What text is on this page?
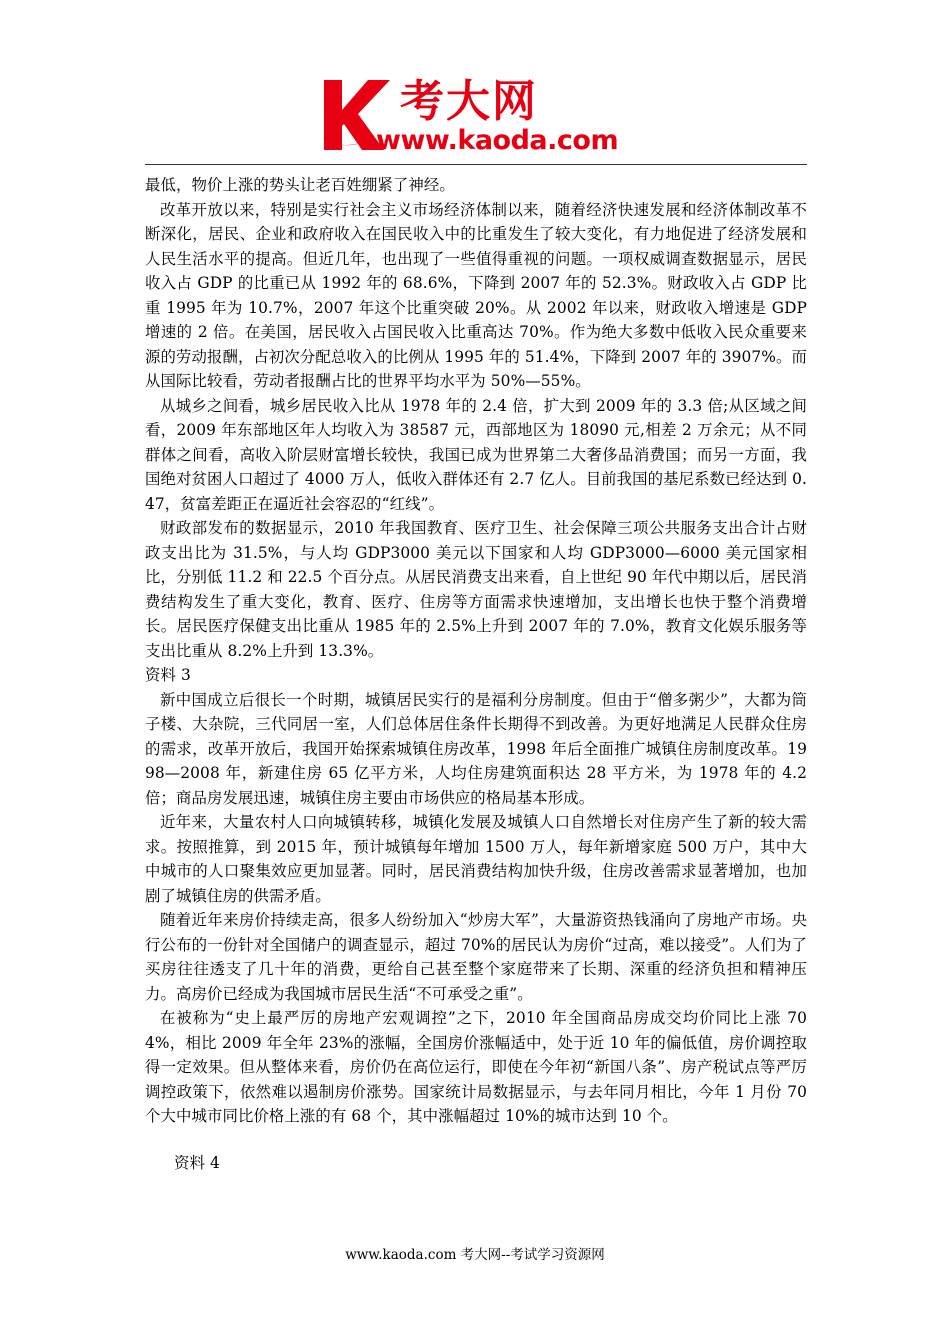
考大网
www.kaoda.com

最低，物价上涨的势头让老百姓绷紧了神经。

改革开放以来，特别是实行社会主义市场经济体制以来，随着经济快速发展和经济体制改革不断深化，居民、企业和政府收入在国民收入中的比重发生了较大变化，有力地促进了经济发展和人民生活水平的提高。但近几年，也出现了一些值得重视的问题。一项权威调查数据显示，居民收入占 GDP 的比重已从 1992 年的 68.6%，下降到 2007 年的 52.3%。财政收入占 GDP 比重 1995 年为 10.7%，2007 年这个比重突破 20%。从 2002 年以来，财政收入增速是 GDP 增速的 2 倍。在美国，居民收入占国民收入比重高达 70%。作为绝大多数中低收入民众重要来源的劳动报酬，占初次分配总收入的比例从 1995 年的 51.4%，下降到 2007 年的 3907%。而从国际比较看，劳动者报酬占比的世界平均水平为 50%—55%。

从城乡之间看，城乡居民收入比从 1978 年的 2.4 倍，扩大到 2009 年的 3.3 倍;从区域之间看，2009 年东部地区年人均收入为 38587 元，西部地区为 18090 元,相差 2 万余元；从不同群体之间看，高收入阶层财富增长较快，我国已成为世界第二大奢侈品消费国；而另一方面，我国绝对贫困人口超过了 4000 万人，低收入群体还有 2.7 亿人。目前我国的基尼系数已经达到 0.47，贫富差距正在逼近社会容忍的“红线”。

财政部发布的数据显示，2010 年我国教育、医疗卫生、社会保障三项公共服务支出合计占财政支出比为 31.5%，与人均 GDP3000 美元以下国家和人均 GDP3000—6000 美元国家相比，分别低 11.2 和 22.5 个百分点。从居民消费支出来看，自上世纪 90 年代中期以后，居民消费结构发生了重大变化，教育、医疗、住房等方面需求快速增加，支出增长也快于整个消费增长。居民医疗保健支出比重从 1985 年的 2.5%上升到 2007 年的 7.0%，教育文化娱乐服务等支出比重从 8.2%上升到 13.3%。

资料 3

新中国成立后很长一个时期，城镇居民实行的是福利分房制度。但由于“僧多粥少”，大都为筒子楼、大杂院，三代同居一室，人们总体居住条件长期得不到改善。为更好地满足人民群众住房的需求，改革开放后，我国开始探索城镇住房改革，1998 年后全面推广城镇住房制度改革。1998—2008 年，新建住房 65 亿平方米，人均住房建筑面积达 28 平方米，为 1978 年的 4.2 倍；商品房发展迅速，城镇住房主要由市场供应的格局基本形成。

近年来，大量农村人口向城镇转移，城镇化发展及城镇人口自然增长对住房产生了新的较大需求。按照推算，到 2015 年，预计城镇每年增加 1500 万人，每年新增家庭 500 万户，其中大中城市的人口聚集效应更加显著。同时，居民消费结构加快升级，住房改善需求显著增加，也加剧了城镇住房的供需矛盾。

随着近年来房价持续走高，很多人纷纷加入“炒房大军”，大量游资热钱涌向了房地产市场。央行公布的一份针对全国储户的调查显示，超过 70%的居民认为房价“过高，难以接受”。人们为了买房往往透支了几十年的消费，更给自己甚至整个家庭带来了长期、深重的经济负担和精神压力。高房价已经成为我国城市居民生活“不可承受之重”。

在被称为“史上最严厉的房地产宏观调控”之下，2010 年全国商品房成交均价同比上涨 704%，相比 2009 年全年 23%的涨幅，全国房价涨幅适中，处于近 10 年的偏低值，房价调控取得一定效果。但从整体来看，房价仍在高位运行，即使在今年初“新国八条”、房产税试点等严厉调控政策下，依然难以遏制房价涨势。国家统计局数据显示，与去年同月相比，今年 1 月份 70 个大中城市同比价格上涨的有 68 个，其中涨幅超过 10%的城市达到 10 个。

资料 4

www.kaoda.com 考大网--考试学习资源网
